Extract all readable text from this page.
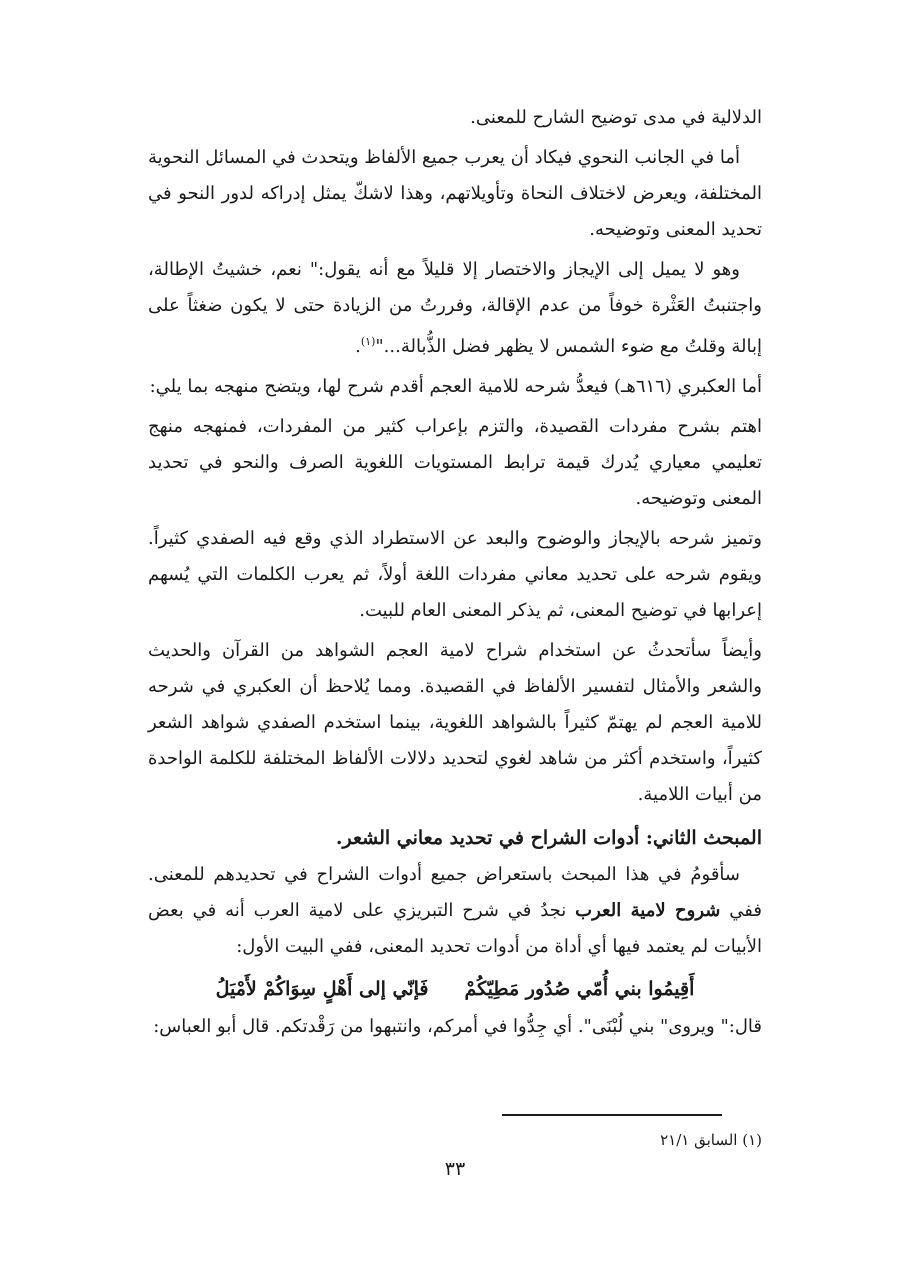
الدلالية في مدى توضيح الشارح للمعنى.

أما في الجانب النحوي فيكاد أن يعرب جميع الألفاظ ويتحدث في المسائل النحوية المختلفة، ويعرض لاختلاف النحاة وتأويلاتهم، وهذا لاشكّ يمثل إدراكه لدور النحو في تحديد المعنى وتوضيحه.

وهو لا يميل إلى الإيجاز والاختصار إلا قليلاً مع أنه يقول:" نعم، خشيتُ الإطالة، واجتنبتُ العَثْرة خوفاً من عدم الإقالة، وفررتُ من الزيادة حتى لا يكون ضغثاً على إبالة وقلتُ مع ضوء الشمس لا يظهر فضل الذُّبالة..."$^{(١)}$.

أما العكبري (٦١٦هـ) فيعدُّ شرحه للامية العجم أقدم شرح لها، ويتضح منهجه بما يلي:

اهتم بشرح مفردات القصيدة، والتزم بإعراب كثير من المفردات، فمنهجه منهج تعليمي معياري يُدرك قيمة ترابط المستويات اللغوية الصرف والنحو في تحديد المعنى وتوضيحه.

وتميز شرحه بالإيجاز والوضوح والبعد عن الاستطراد الذي وقع فيه الصفدي كثيراً. ويقوم شرحه على تحديد معاني مفردات اللغة أولاً، ثم يعرب الكلمات التي يُسهم إعرابها في توضيح المعنى، ثم يذكر المعنى العام للبيت.

وأيضاً سأتحدثُ عن استخدام شراح لامية العجم الشواهد من القرآن والحديث والشعر والأمثال لتفسير الألفاظ في القصيدة. ومما يُلاحظ أن العكبري في شرحه للامية العجم لم يهتمّ كثيراً بالشواهد اللغوية، بينما استخدم الصفدي شواهد الشعر كثيراً، واستخدم أكثر من شاهد لغوي لتحديد دلالات الألفاظ المختلفة للكلمة الواحدة من أبيات اللامية.

المبحث الثاني: أدوات الشراح في تحديد معاني الشعر.

سأقومُ في هذا المبحث باستعراض جميع أدوات الشراح في تحديدهم للمعنى. ففي شروح لامية العرب نجدُ في شرح التبريزي على لامية العرب أنه في بعض الأبيات لم يعتمد فيها أي أداة من أدوات تحديد المعنى، ففي البيت الأول:

أَقِيمُوا بني أُمّي صُدُور مَطِيّكُمْ
فَإنّي إلى أَهْلٍ سِوَاكُمْ لأَمْيَلُ

قال:" ويروى" بني لُبْنَى". أي جِدُّوا في أمركم، وانتبهوا من رَقْدتكم. قال أبو العباس:

(١) السابق ٢١/١
٣٣
